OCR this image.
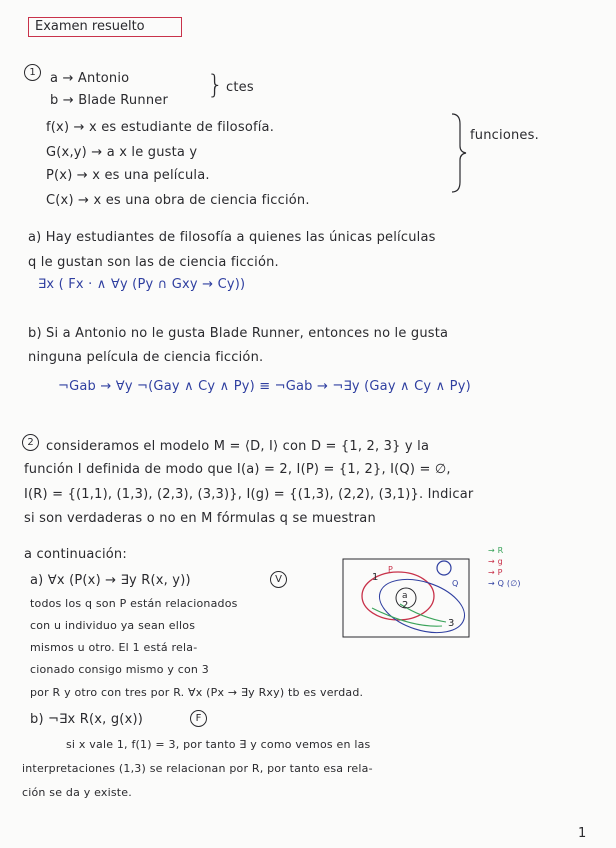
Examen resuelto
1	a → Antonio
b → Blade Runner
} ctes
f(x) → x es estudiante de filosofía.
G(x,y) → a x le gusta y
P(x) → x es una película.
C(x) → x es una obra de ciencia ficción.
funciones.
a) Hay estudiantes de filosofía a quienes las únicas películas
q le gustan son las de ciencia ficción.
∃x ( Fx · ∧ ∀y (Py ∩ Gxy → Cy))
b) Si a Antonio no le gusta Blade Runner, entonces no le gusta
ninguna película de ciencia ficción.
¬Gab → ∀y ¬(Gay ∧ Cy ∧ Py) ≡ ¬Gab → ¬∃y (Gay ∧ Cy ∧ Py)
2 consideramos el modelo M = ⟨D, I⟩ con D = {1, 2, 3} y la
función I definida de modo que I(a) = 2, I(P) = {1, 2}, I(Q) = ∅,
I(R) = {(1,1), (1,3), (2,3), (3,3)}, I(g) = {(1,3), (2,2), (3,1)}. Indicar
si son verdaderas o no en M fórmulas q se muestran
a continuación:
a) ∀x (P(x) → ∃y R(x, y))	V
todos los q son P están relacionados
con u individuo ya sean ellos
mismos u otro. El 1 está rela-
cionado consigo mismo y con 3
por R y otro con tres por R. ∀x (Px → ∃y Rxy) tb es verdad.
1
2
3
a
P
Q
→ R
→ g
→ P
→ Q (∅)
b) ¬∃x R(x, g(x))	F
si x vale 1, f(1) = 3, por tanto ∃ y como vemos en las
interpretaciones (1,3) se relacionan por R, por tanto esa rela-
ción se da y existe.
1
